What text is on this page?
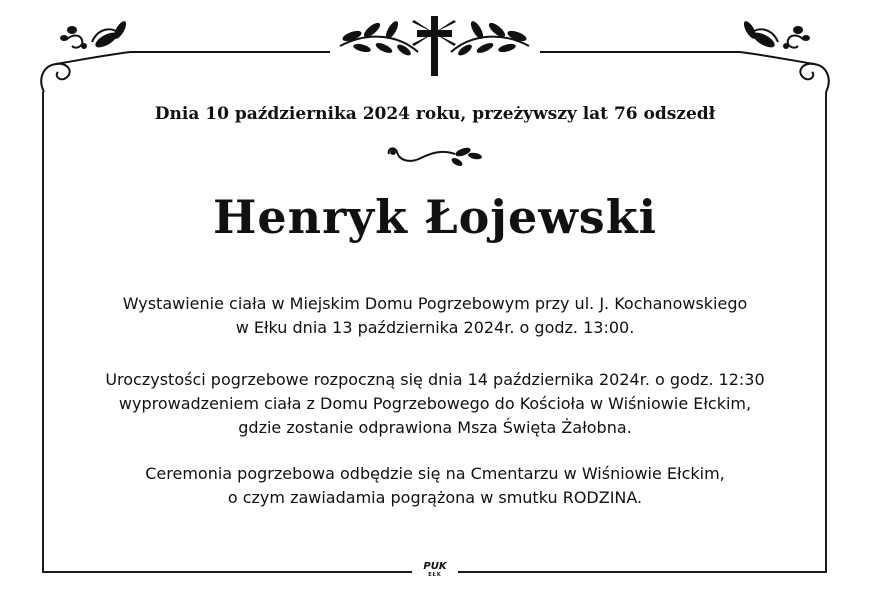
Dnia 10 października 2024 roku, przeżywszy lat 76 odszedł
Henryk Łojewski
Wystawienie ciała w Miejskim Domu Pogrzebowym przy ul. J. Kochanowskiego
w Ełku dnia 13 października 2024r. o godz. 13:00.
Uroczystości pogrzebowe rozpoczną się dnia 14 października 2024r. o godz. 12:30
wyprowadzeniem ciała z Domu Pogrzebowego do Kościoła w Wiśniowie Ełckim,
gdzie zostanie odprawiona Msza Święta Żałobna.
Ceremonia pogrzebowa odbędzie się na Cmentarzu w Wiśniowie Ełckim,
o czym zawiadamia pogrążona w smutku RODZINA.
PUK
EŁK
